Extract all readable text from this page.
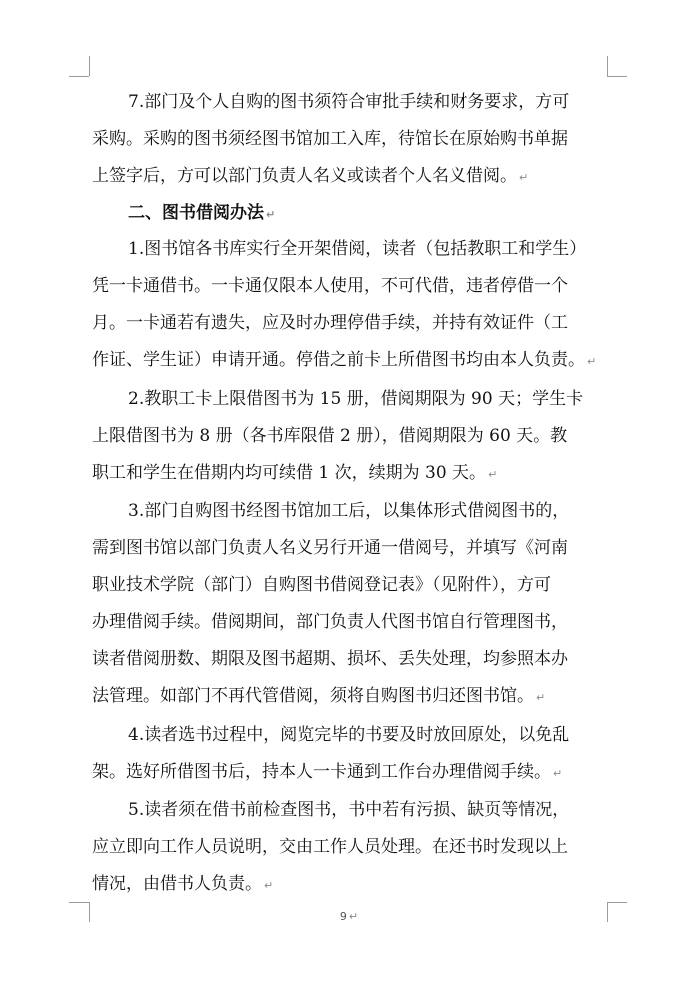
7.部门及个人自购的图书须符合审批手续和财务要求，方可
采购。采购的图书须经图书馆加工入库，待馆长在原始购书单据
上签字后，方可以部门负责人名义或读者个人名义借阅。 ↵
二、图书借阅办法 ↵
1.图书馆各书库实行全开架借阅，读者（包括教职工和学生）
凭一卡通借书。一卡通仅限本人使用，不可代借，违者停借一个
月。一卡通若有遗失，应及时办理停借手续，并持有效证件（工
作证、学生证）申请开通。停借之前卡上所借图书均由本人负责。 ↵
2.教职工卡上限借图书为 15 册，借阅期限为 90 天；学生卡
上限借图书为 8 册（各书库限借 2 册），借阅期限为 60 天。教
职工和学生在借期内均可续借 1 次，续期为 30 天。 ↵
3.部门自购图书经图书馆加工后，以集体形式借阅图书的，
需到图书馆以部门负责人名义另行开通一借阅号，并填写《河南
职业技术学院（部门）自购图书借阅登记表》（见附件），方可
办理借阅手续。借阅期间，部门负责人代图书馆自行管理图书，
读者借阅册数、期限及图书超期、损坏、丢失处理，均参照本办
法管理。如部门不再代管借阅，须将自购图书归还图书馆。 ↵
4.读者选书过程中，阅览完毕的书要及时放回原处，以免乱
架。选好所借图书后，持本人一卡通到工作台办理借阅手续。 ↵
5.读者须在借书前检查图书，书中若有污损、缺页等情况，
应立即向工作人员说明，交由工作人员处理。在还书时发现以上
情况，由借书人负责。 ↵
9 ↵
